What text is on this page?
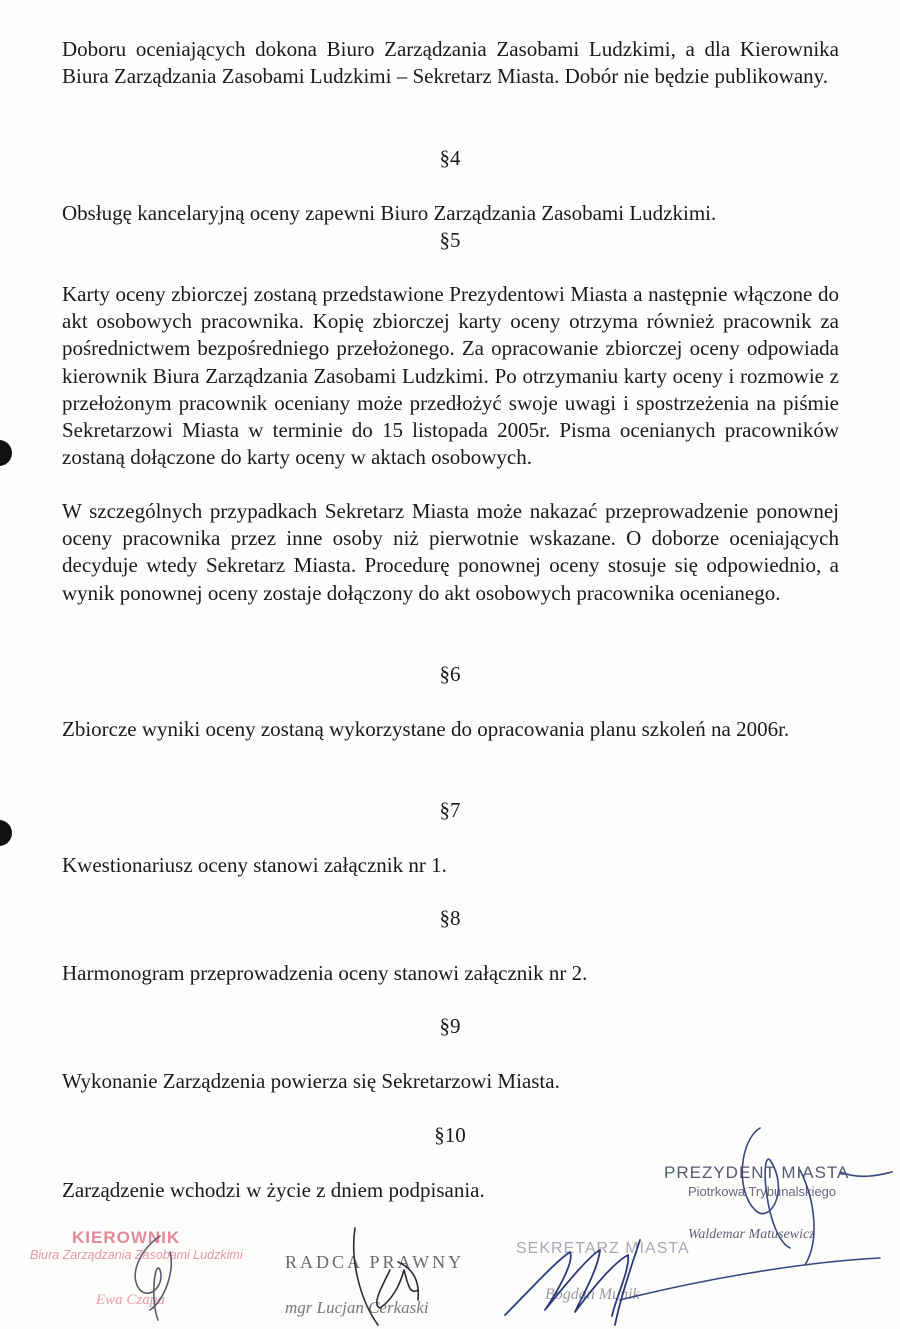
Doboru oceniających dokona Biuro Zarządzania Zasobami Ludzkimi, a dla Kierownika Biura Zarządzania Zasobami Ludzkimi – Sekretarz Miasta. Dobór nie będzie publikowany.

§4

Obsługę kancelaryjną oceny zapewni Biuro Zarządzania Zasobami Ludzkimi.

§5

Karty oceny zbiorczej zostaną przedstawione Prezydentowi Miasta a następnie włączone do akt osobowych pracownika. Kopię zbiorczej karty oceny otrzyma również pracownik za pośrednictwem bezpośredniego przełożonego. Za opracowanie zbiorczej oceny odpowiada kierownik Biura Zarządzania Zasobami Ludzkimi. Po otrzymaniu karty oceny i rozmowie z przełożonym pracownik oceniany może przedłożyć swoje uwagi i spostrzeżenia na piśmie Sekretarzowi Miasta w terminie do 15 listopada 2005r. Pisma ocenianych pracowników zostaną dołączone do karty oceny w aktach osobowych.

W szczególnych przypadkach Sekretarz Miasta może nakazać przeprowadzenie ponownej oceny pracownika przez inne osoby niż pierwotnie wskazane. O doborze oceniających decyduje wtedy Sekretarz Miasta. Procedurę ponownej oceny stosuje się odpowiednio, a wynik ponownej oceny zostaje dołączony do akt osobowych pracownika ocenianego.

§6

Zbiorcze wyniki oceny zostaną wykorzystane do opracowania planu szkoleń na 2006r.

§7

Kwestionariusz oceny stanowi załącznik nr 1.

§8

Harmonogram przeprowadzenia oceny stanowi załącznik nr 2.

§9

Wykonanie Zarządzenia powierza się Sekretarzowi Miasta.

§10

Zarządzenie wchodzi w życie z dniem podpisania.

KIEROWNIK
Biura Zarządzania Zasobami Ludzkimi
Ewa Czapa
RADCA PRAWNY
mgr Lucjan Cerkaski
SEKRETARZ MIASTA
Bogdan Munik
PREZYDENT MIASTA
Piotrkowa Trybunalskiego
Waldemar Matusewicz
